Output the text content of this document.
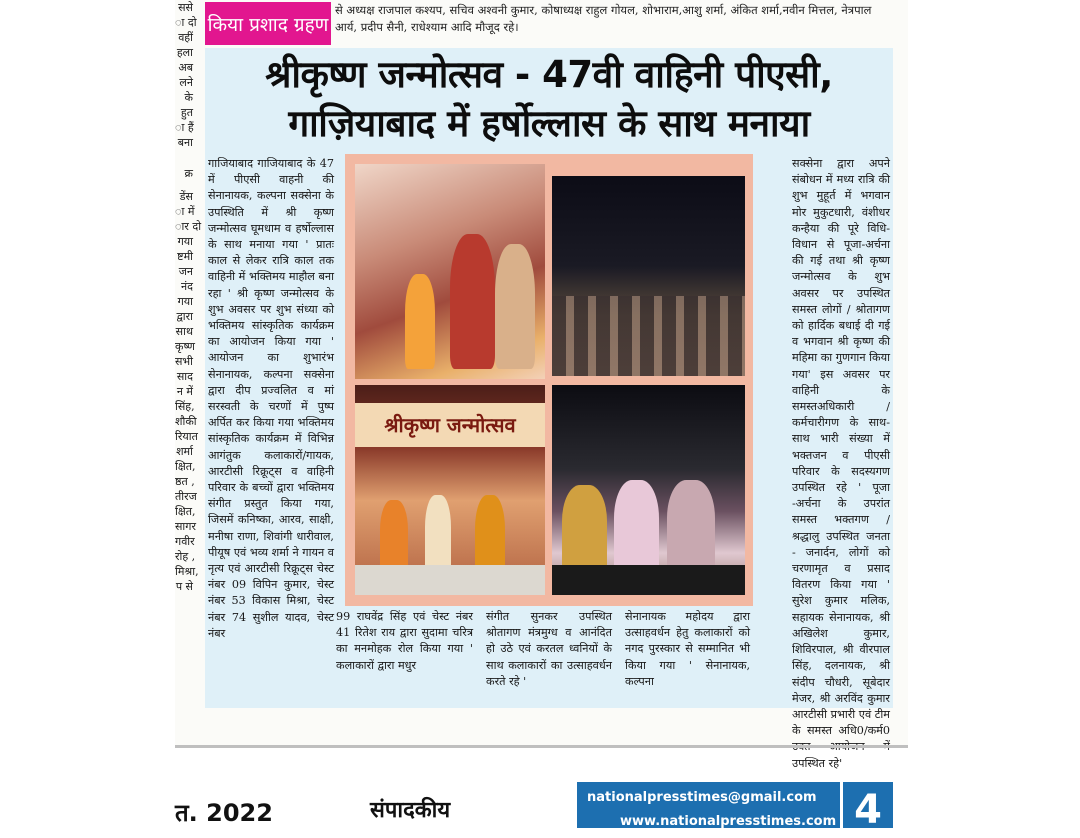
ससे
ा दो
वहीं
हला
अब
लने
के
हुत
ा हैं
बना
क्र
डेंस
ा में
ार दो
गया
ष्टमी
जन
नंद
गया
द्वारा
साथ
कृष्ण
सभी
साद
न में
सिंह,
शौकी
रियात
शर्मा
क्षित,
ष्ठत ,
तीरज
क्षित,
सागर
गवीर
रोह ,
मिश्रा,
प से
किया प्रशाद ग्रहण
से अध्यक्ष राजपाल कश्यप, सचिव अश्वनी कुमार, कोषाध्यक्ष राहुल गोयल, शोभाराम,आशु शर्मा, अंकित शर्मा,नवीन मित्तल, नेत्रपाल आर्य, प्रदीप सैनी, राधेश्याम आदि मौजूद रहे।
श्रीकृष्ण जन्मोत्सव - 47वी वाहिनी पीएसी,
गाज़ियाबाद में हर्षोल्लास के साथ मनाया
गाजियाबाद गाजियाबाद के 47 में पीएसी वाहनी की सेनानायक, कल्पना सक्सेना के उपस्थिति में श्री कृष्ण जन्मोत्सव घूमधाम व हर्षोल्लास के साथ मनाया गया ' प्रातः काल से लेकर रात्रि काल तक वाहिनी में भक्तिमय माहौल बना रहा ' श्री कृष्ण जन्मोत्सव के शुभ अवसर पर शुभ संध्या को भक्तिमय सांस्कृतिक कार्यक्रम का आयोजन किया गया ' आयोजन का शुभारंभ सेनानायक, कल्पना सक्सेना द्वारा दीप प्रज्वलित व मां सरस्वती के चरणों में पुष्प अर्पित कर किया गया भक्तिमय सांस्कृतिक कार्यक्रम में विभिन्न आगंतुक कलाकारों/गायक, आरटीसी रिक्रूट्स व वाहिनी परिवार के बच्चों द्वारा भक्तिमय संगीत प्रस्तुत किया गया, जिसमें कनिष्का, आरव, साक्षी, मनीषा राणा, शिवांगी धारीवाल, पीयूष एवं भव्य शर्मा ने गायन व नृत्य एवं आरटीसी रिक्रूट्स चेस्ट नंबर 09 विपिन कुमार, चेस्ट नंबर 53 विकास मिश्रा, चेस्ट नंबर 74 सुशील यादव, चेस्ट नंबर
श्रीकृष्ण जन्मोत्सव
99 राघवेंद्र सिंह एवं चेस्ट नंबर 41 रितेश राय द्वारा सुदामा चरित्र का मनमोहक रोल किया गया ' कलाकारों द्वारा मधुर
संगीत सुनकर उपस्थित श्रोतागण मंत्रमुग्ध व आनंदित हो उठे एवं करतल ध्वनियों के साथ कलाकारों का उत्साहवर्धन करते रहे '
सेनानायक महोदय द्वारा उत्साहवर्धन हेतु कलाकारों को नगद पुरस्कार से सम्मानित भी किया गया ' सेनानायक, कल्पना
सक्सेना द्वारा अपने संबोधन में मध्य रात्रि की शुभ मुहूर्त में भगवान मोर मुकुटधारी, वंशीधर कन्हैया की पूरे विधि-विधान से पूजा-अर्चना की गई तथा श्री कृष्ण जन्मोत्सव के शुभ अवसर पर उपस्थित समस्त लोगों / श्रोतागण को हार्दिक बधाई दी गई व भगवान श्री कृष्ण की महिमा का गुणगान किया गया' इस अवसर पर वाहिनी के समस्तअधिकारी /कर्मचारीगण के साथ- साथ भारी संख्या में भक्तजन व पीएसी परिवार के सदस्यगण उपस्थित रहे ' पूजा -अर्चना के उपरांत समस्त भक्तगण / श्रद्धालु उपस्थित जनता - जनार्दन, लोगों को चरणामृत व प्रसाद वितरण किया गया ' सुरेश कुमार मलिक, सहायक सेनानायक, श्री अखिलेश कुमार, शिविरपाल, श्री वीरपाल सिंह, दलनायक, श्री संदीप चौधरी, सूबेदार मेजर, श्री अरविंद कुमार आरटीसी प्रभारी एवं टीम के समस्त अधि0/कर्म0 उपस्थित रहे'
त. 2022	संपादकीय	nationalpresstimes@gmail.com
www.nationalpresstimes.com 4
